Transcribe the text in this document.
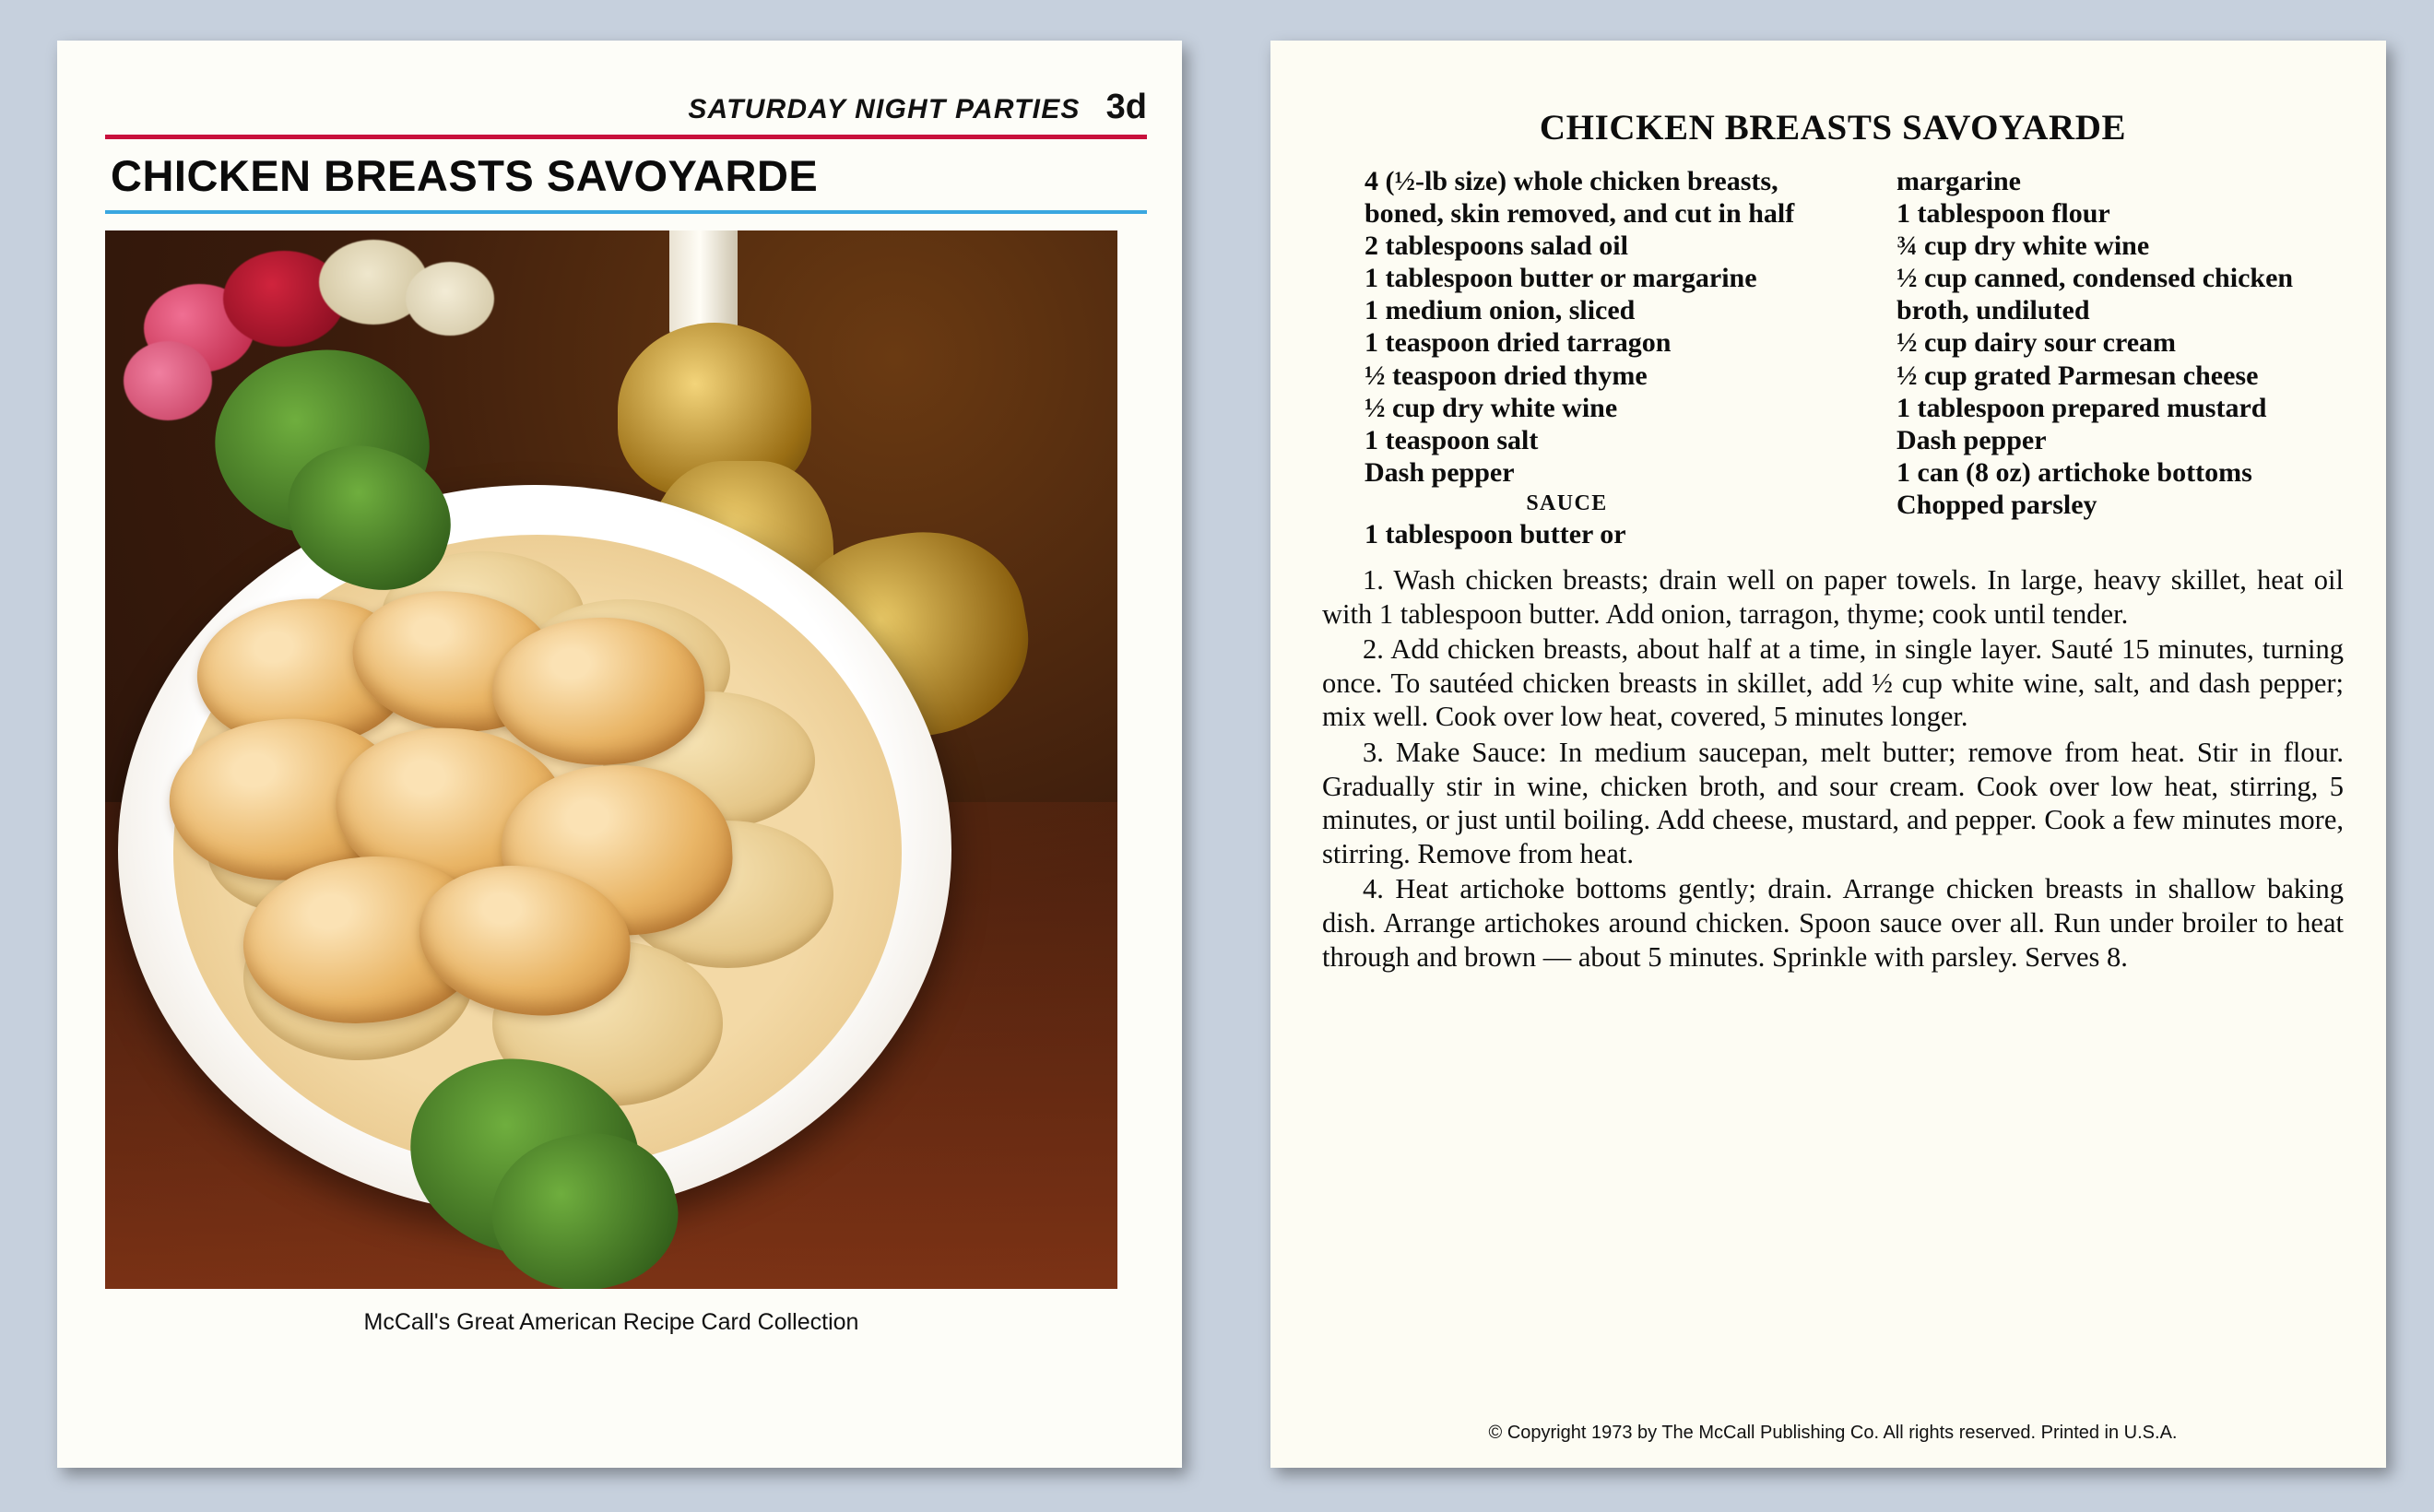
SATURDAY NIGHT PARTIES 3d
CHICKEN BREASTS SAVOYARDE
McCall's Great American Recipe Card Collection
CHICKEN BREASTS SAVOYARDE
4 (½-lb size) whole chicken breasts, boned, skin removed, and cut in half
2 tablespoons salad oil
1 tablespoon butter or margarine
1 medium onion, sliced
1 teaspoon dried tarragon
½ teaspoon dried thyme
½ cup dry white wine
1 teaspoon salt
Dash pepper
SAUCE
1 tablespoon butter or
margarine
1 tablespoon flour
¾ cup dry white wine
½ cup canned, condensed chicken broth, undiluted
½ cup dairy sour cream
½ cup grated Parmesan cheese
1 tablespoon prepared mustard
Dash pepper
1 can (8 oz) artichoke bottoms
Chopped parsley
1. Wash chicken breasts; drain well on paper towels. In large, heavy skillet, heat oil with 1 tablespoon butter. Add onion, tarragon, thyme; cook until tender.
2. Add chicken breasts, about half at a time, in single layer. Sauté 15 minutes, turning once. To sautéed chicken breasts in skillet, add ½ cup white wine, salt, and dash pepper; mix well. Cook over low heat, covered, 5 minutes longer.
3. Make Sauce: In medium saucepan, melt butter; remove from heat. Stir in flour. Gradually stir in wine, chicken broth, and sour cream. Cook over low heat, stirring, 5 minutes, or just until boiling. Add cheese, mustard, and pepper. Cook a few minutes more, stirring. Remove from heat.
4. Heat artichoke bottoms gently; drain. Arrange chicken breasts in shallow baking dish. Arrange artichokes around chicken. Spoon sauce over all. Run under broiler to heat through and brown — about 5 minutes. Sprinkle with parsley. Serves 8.
© Copyright 1973 by The McCall Publishing Co. All rights reserved. Printed in U.S.A.
